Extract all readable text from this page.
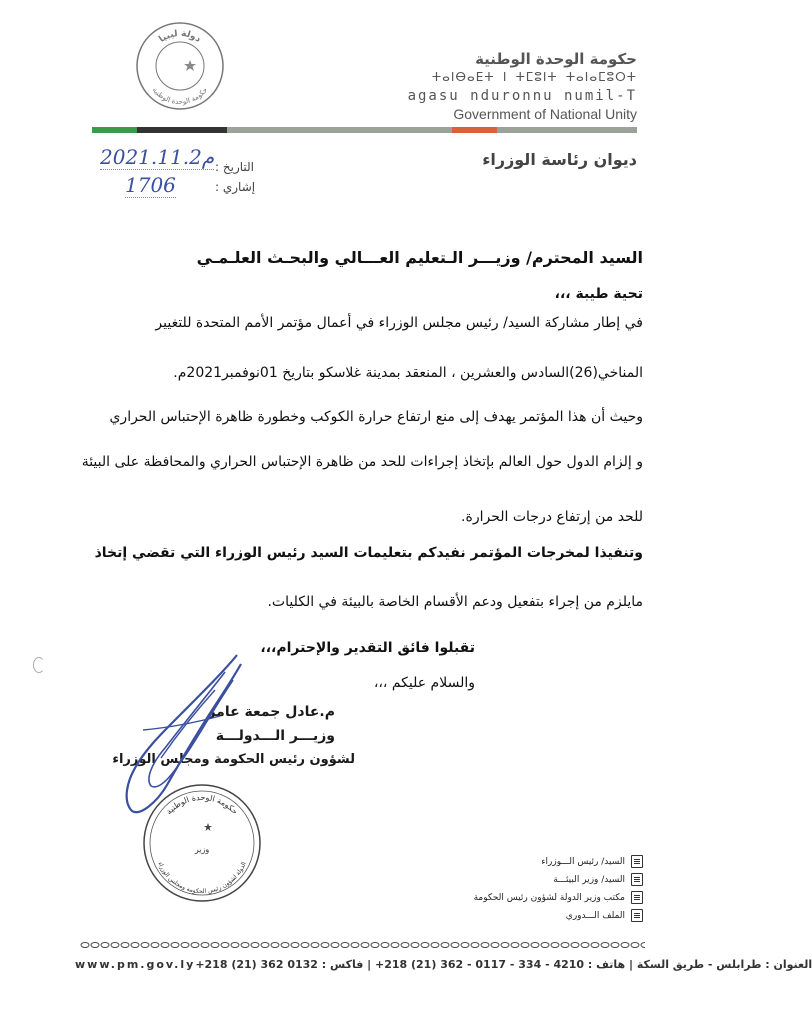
دولة ليبيا
حكومة الوحدة الوطنية
حكومة الوحدة الوطنية
ⵜⴰⵏⴱⴰⴹⵜ ⵏ ⵜⵎⵓⵏⵜ ⵜⴰⵏⴰⵎⵓⵔⵜ
agasu nduronnu numil-T
Government of National Unity
ديوان رئاسة الوزراء
التاريخ :
إشاري :
2021.11.2م
1706
السيد المحترم/ وزيـــر الـتعليم العـــالي والبحـث العلـمـي
تحية طيبة ،،،
في إطار مشاركة السيد/ رئيس مجلس الوزراء في أعمال مؤتمر الأمم المتحدة للتغيير
المناخي(26)السادس والعشرين ، المنعقد بمدينة غلاسكو بتاريخ 01نوفمبر2021م.
وحيث أن هذا المؤتمر يهدف إلى منع ارتفاع حرارة الكوكب وخطورة ظاهرة الإحتباس الحراري
و إلزام الدول حول العالم بإتخاذ إجراءات للحد من ظاهرة الإحتباس الحراري والمحافظة على البيئة
للحد من إرتفاع درجات الحرارة.
وتنفيذا لمخرجات المؤتمر نفيدكم بتعليمات السيد رئيس الوزراء التي تقضي إتخاذ
مايلزم من إجراء بتفعيل ودعم الأقسام الخاصة بالبيئة في الكليات.
تقبلوا فائق التقدير والإحترام،،،
والسلام عليكم ،،،
م.عادل جمعة عامر
وزيـــر الـــدولـــة
لشؤون رئيس الحكومة ومجلس الوزراء
حكومة الوحدة الوطنية
وزير
الدولة لشؤون رئيس الحكومة ومجلس الوزراء	السيد/ رئيس الـــوزراء
السيد/ وزير البيئـــة
مكتب وزير الدولة لشؤون رئيس الحكومة
الملف الـــدوري
www.pm.gov.ly العنوان : طرابلس - طريق السكة | هاتف : 4210 - 334 - 0117 - 362 (21) 218+ | فاكس : 0132 362 (21) 218+
